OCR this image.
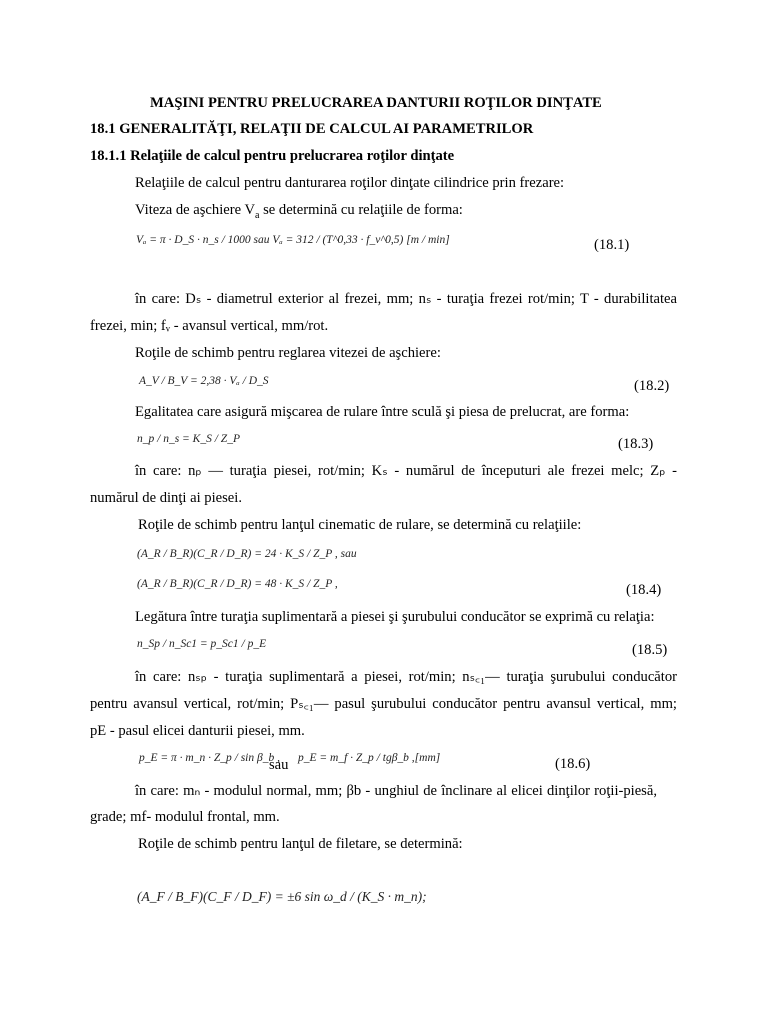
MAŞINI PENTRU PRELUCRAREA DANTURII ROŢILOR DINŢATE
18.1 GENERALITĂŢI, RELAŢII DE CALCUL AI PARAMETRILOR
18.1.1 Relaţiile de calcul pentru prelucrarea roţilor dinţate
Relaţiile de calcul pentru danturarea roţilor dinţate cilindrice prin frezare:
Viteza de aşchiere $V_a$ se determină cu relaţiile de forma:
Vₐ = π · D_S · n_s / 1000 sau Vₐ = 312 / (T^0,33 · f_v^0,5) [m / min]	(18.1)
în care: Dₛ - diametrul exterior al frezei, mm; nₛ - turaţia frezei rot/min; T - durabilitatea
frezei, min; fᵥ - avansul vertical, mm/rot.
Roţile de schimb pentru reglarea vitezei de aşchiere:
A_V / B_V = 2,38 · Vₐ / D_S	(18.2)
Egalitatea care asigură mişcarea de rulare între sculă şi piesa de prelucrat, are forma:
n_p / n_s = K_S / Z_P	(18.3)
în care: nₚ — turaţia piesei, rot/min; Kₛ - numărul de începuturi ale frezei melc; Zₚ -
numărul de dinţi ai piesei.
Roţile de schimb pentru lanţul cinematic de rulare, se determină cu relaţiile:
(A_R / B_R)(C_R / D_R) = 24 · K_S / Z_P , sau
(A_R / B_R)(C_R / D_R) = 48 · K_S / Z_P ,	(18.4)
Legătura între turaţia suplimentară a piesei şi şurubului conducător se exprimă cu relaţia:
n_Sp / n_Sc1 = p_Sc1 / p_E	(18.5)
în care: nₛₚ - turaţia suplimentară a piesei, rot/min; nₛ꜀₁— turaţia şurubului conducător
pentru avansul vertical, rot/min; Pₛ꜀₁— pasul şurubului conducător pentru avansul vertical, mm;
pE - pasul elicei danturii piesei, mm.
p_E = π · m_n · Z_p / sin β_b ,
sau p_E = m_f · Z_p / tgβ_b ,[mm]	(18.6)
în care: mₙ - modulul normal, mm; βb - unghiul de înclinare al elicei dinţilor roţii-piesă,
grade; mf- modulul frontal, mm.
Roţile de schimb pentru lanţul de filetare, se determină:
(A_F / B_F)(C_F / D_F) = ±6 sin ω_d / (K_S · m_n);
